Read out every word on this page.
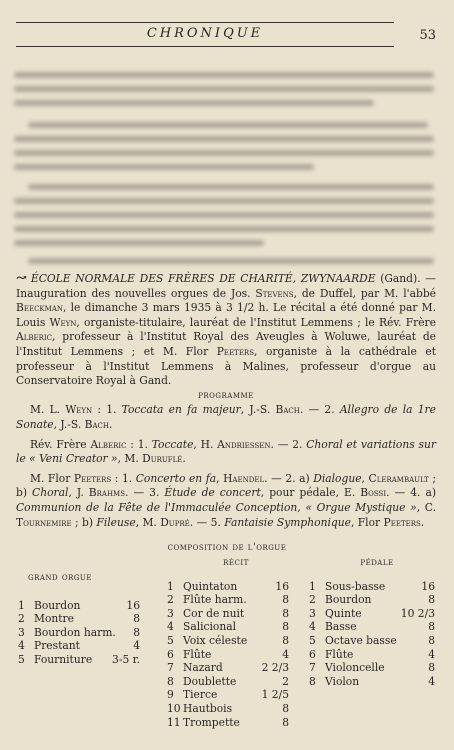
CHRONIQUE	53

↝ ÉCOLE NORMALE DES FRÈRES DE CHARITÉ, ZWYNAARDE (Gand). — Inauguration des nouvelles orgues de Jos. Stevens, de Duffel, par M. l'abbé Beeckman, le dimanche 3 mars 1935 à 3 1/2 h. Le récital a été donné par M. Louis Weyn, organiste-titulaire, lauréat de l'Institut Lemmens ; le Rév. Frère Alberic, professeur à l'Institut Royal des Aveugles à Woluwe, lauréat de l'Institut Lemmens ; et M. Flor Peeters, organiste à la cathédrale et professeur à l'Institut Lemmens à Malines, professeur d'orgue au Conservatoire Royal à Gand.

programme

M. L. Weyn : 1. Toccata en fa majeur, J.-S. Bach. — 2. Allegro de la 1re Sonate, J.-S. Bach.

Rév. Frère Alberic : 1. Toccate, H. Andriessen. — 2. Choral et variations sur le « Veni Creator », M. Duruflé.

M. Flor Peeters : 1. Concerto en fa, Haendel. — 2. a) Dialogue, Clerambault ; b) Choral, J. Brahms. — 3. Étude de concert, pour pédale, E. Bossi. — 4. a) Communion de la Fête de l'Immaculée Conception, « Orgue Mystique », C. Tournemire ; b) Fileuse, M. Dupré. — 5. Fantaisie Symphonique, Flor Peeters.

composition de l'orgue
grand orgue
1 Bourdon	16
2 Montre	8
3 Bourdon harm. 8
4 Prestant	4
5 Fourniture 3-5 r.
récit
1 Quintaton	16
2 Flûte harm.	8
3 Cor de nuit	8
4 Salicional	8
5 Voix céleste	8
6 Flûte	4
7 Nazard	2 2/3
8 Doublette	2
9 Tierce	1 2/5
10 Hautbois	8
11 Trompette	8
pédale
1 Sous-basse	16
2 Bourdon	8
3 Quinte	10 2/3
4 Basse	8
5 Octave basse	8
6 Flûte	4
7 Violoncelle	8
8 Violon	4
